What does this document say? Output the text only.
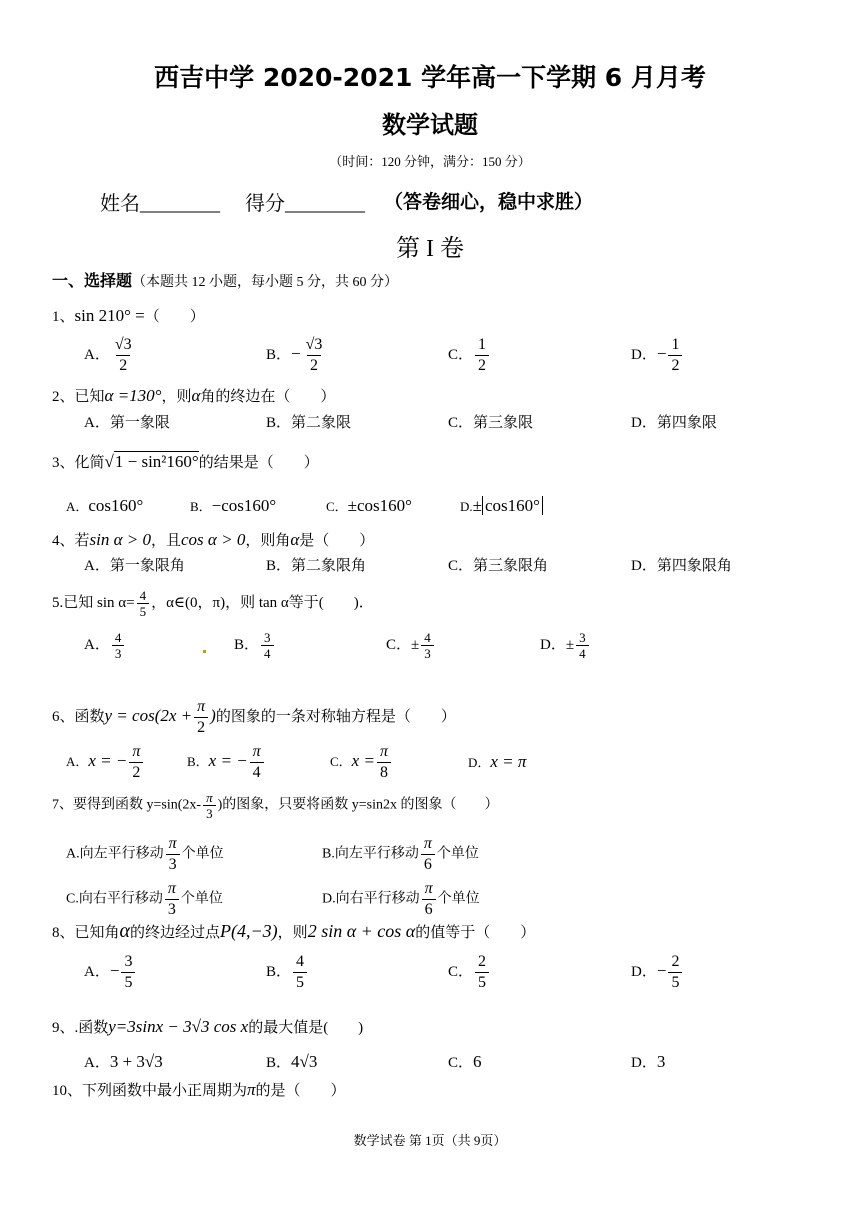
西吉中学 2020-2021 学年高一下学期 6 月月考
数学试题
（时间：120 分钟，满分：150 分）
姓名________ 得分________ （答卷细心，稳中求胜）
第 I 卷
一、选择题（本题共 12 小题，每小题 5 分，共 60 分）
1、sin 210° =（　　）
A． $\frac{√3}{2}$	B．− $\frac{√3}{2}$	C． $\frac{1}{2}$	D．− $\frac{1}{2}$
2、已知α =130°，则α角的终边在（　　）
A．第一象限	B．第二象限	C．第三象限	D．第四象限
3、化简√1 − sin²160°的结果是（　　）
A．cos160°	B．−cos160°	C．±cos160°	D.± cos160°
4、若sin α > 0，且cos α > 0，则角α是（　　）
A．第一象限角	B．第二象限角	C．第三象限角	D．第四象限角
5.已知 $\sin \alpha= \frac{4}{5}$ ，α∈(0，π)，则 tan α等于(　　)．
A． $\frac{4}{3}$	B． $\frac{3}{4}$	C．± $\frac{4}{3}$	D．± $\frac{3}{4}$
6、函数$y = \cos(2x + \frac{\pi}{2}$ )的图象的一条对称轴方程是（　　）
A．x = − $\frac{\pi}{2}$	B．x = − $\frac{\pi}{4}$	C．$x = \frac{\pi}{8}$	D．x = π
7、要得到函数 $y=\sin(2x- \frac{\pi}{3}$ )的图象，只要将函数 y=sin2x 的图象（　　）
A.向左平行移动 $\frac{\pi}{3}$ 个单位	B.向左平行移动 $\frac{\pi}{6}$ 个单位
C.向右平行移动 $\frac{\pi}{3}$ 个单位	D.向右平行移动 $\frac{\pi}{6}$ 个单位
8、已知角α的终边经过点P(4,−3)，则2 sin α + cos α的值等于（　　）
A．− $\frac{3}{5}$	B． $\frac{4}{5}$	C． $\frac{2}{5}$	D．− $\frac{2}{5}$
9、.函数y=3sinx − 3√3 cos x的最大值是(　　)
A．3 + 3√3	B．4√3	C．6	D．3
10、下列函数中最小正周期为π的是（　　）
数学试卷 第 1页（共 9页）
